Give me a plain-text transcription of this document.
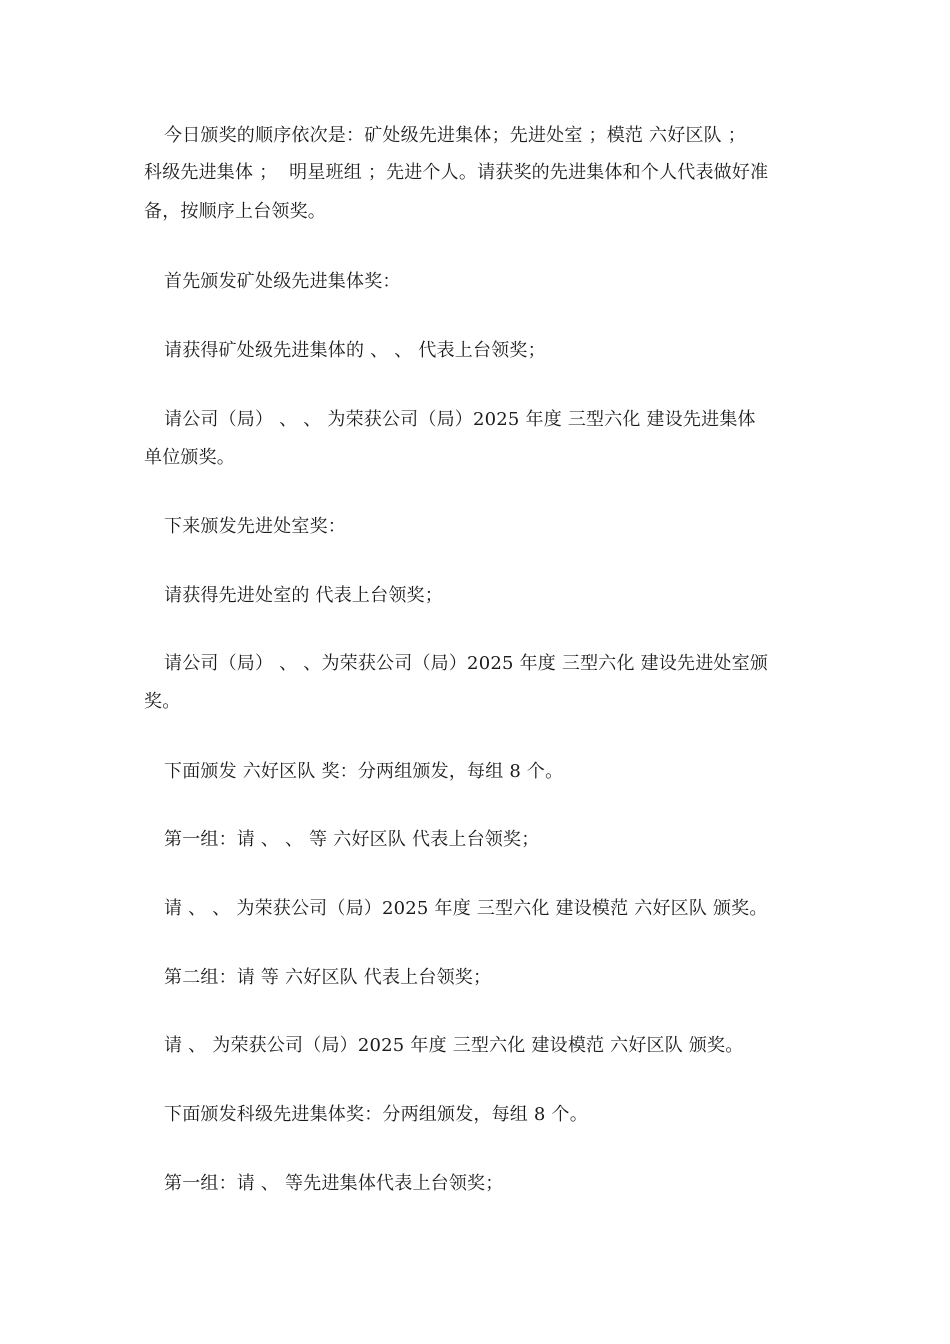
今日颁奖的顺序依次是：矿处级先进集体；先进处室 ；模范 六好区队 ；
科级先进集体 ；  明星班组 ；先进个人。请获奖的先进集体和个人代表做好准
备，按顺序上台领奖。
首先颁发矿处级先进集体奖：
请获得矿处级先进集体的 、 、 代表上台领奖；
请公司（局） 、 、 为荣获公司（局）2025 年度 三型六化 建设先进集体
单位颁奖。
下来颁发先进处室奖：
请获得先进处室的 代表上台领奖；
请公司（局） 、 、为荣获公司（局）2025 年度 三型六化 建设先进处室颁
奖。
下面颁发 六好区队 奖：分两组颁发，每组 8 个。
第一组：请 、 、 等 六好区队 代表上台领奖；
请 、 、 为荣获公司（局）2025 年度 三型六化 建设模范 六好区队 颁奖。
第二组：请 等 六好区队 代表上台领奖；
请 、 为荣获公司（局）2025 年度 三型六化 建设模范 六好区队 颁奖。
下面颁发科级先进集体奖：分两组颁发，每组 8 个。
第一组：请 、 等先进集体代表上台领奖；
